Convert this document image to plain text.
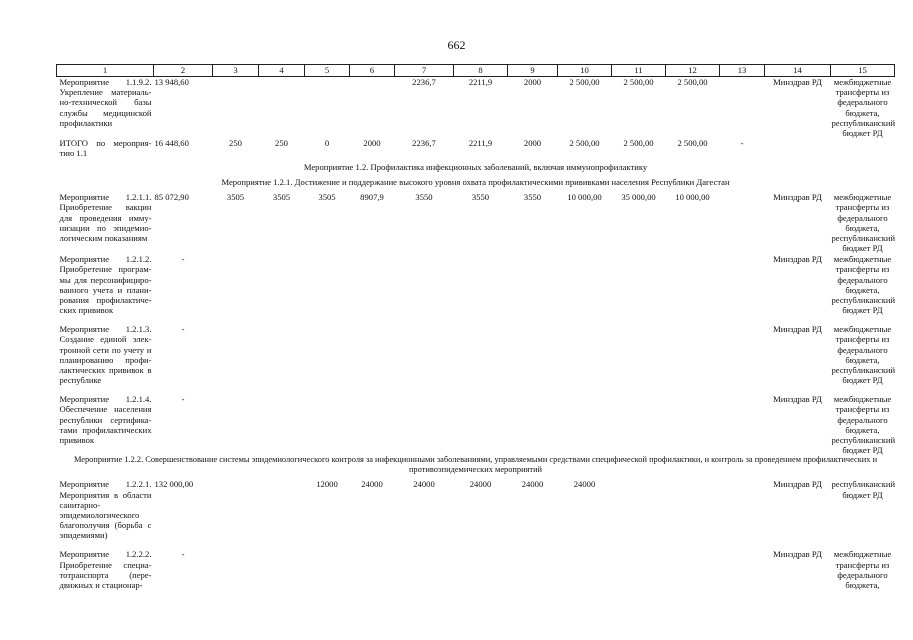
662
1	2	3	4	5	6	7	8	9	10	11	12	13	14	15
Мероприятие 1.1.9.2. Укрепление материаль-но-технической базы службы медицинской профилактики	13 948,60					2236,7	2211,9	2000	2 500,00	2 500,00	2 500,00		Минздрав РД	межбюджетные трансферты из федерального бюджета, республиканский бюджет РД
ИТОГО по мероприя-тию 1.1	16 448,60	250	250	0	2000	2236,7	2211,9	2000	2 500,00	2 500,00	2 500,00	-		
Мероприятие 1.2. Профилактика инфекционных заболеваний, включая иммунопрофилактику														
Мероприятие 1.2.1. Достижение и поддержание высокого уровня охвата профилактическими прививками населения Республики Дагестан														
Мероприятие 1.2.1.1. Приобретение вакцин для проведения имму-низации по эпидемио-логическим показаниям	85 072,90	3505	3505	3505	8907,9	3550	3550	3550	10 000,00	35 000,00	10 000,00		Минздрав РД	межбюджетные трансферты из федерального бюджета, республиканский бюджет РД
Мероприятие 1.2.1.2. Приобретение програм-мы для персонифициро-ванного учета и плани-рования профилактиче-ских прививок	-												Минздрав РД	межбюджетные трансферты из федерального бюджета, республиканский бюджет РД
Мероприятие 1.2.1.3. Создание единой элек-тронной сети по учету и планированию профи-лактических прививок в республике	-												Минздрав РД	межбюджетные трансферты из федерального бюджета, республиканский бюджет РД
Мероприятие 1.2.1.4. Обеспечение населения республики сертифика-тами профилактических прививок	-												Минздрав РД	межбюджетные трансферты из федерального бюджета, республиканский бюджет РД
Мероприятие 1.2.2. Совершенствование системы эпидемиологического контроля за инфекционными заболеваниями, управляемыми средствами специфической профилактики, и контроль за проведением профилактических и противоэпидемических мероприятий														
Мероприятие 1.2.2.1. Мероприятия в области санитарно-эпидемиологического благополучия (борьба с эпидемиями)	132 000,00			12000	24000	24000	24000	24000	24000				Минздрав РД	республиканский бюджет РД
Мероприятие 1.2.2.2. Приобретение специа-тотранспорта (пере-движных и стационар-	-												Минздрав РД	межбюджетные трансферты из федерального бюджета,
